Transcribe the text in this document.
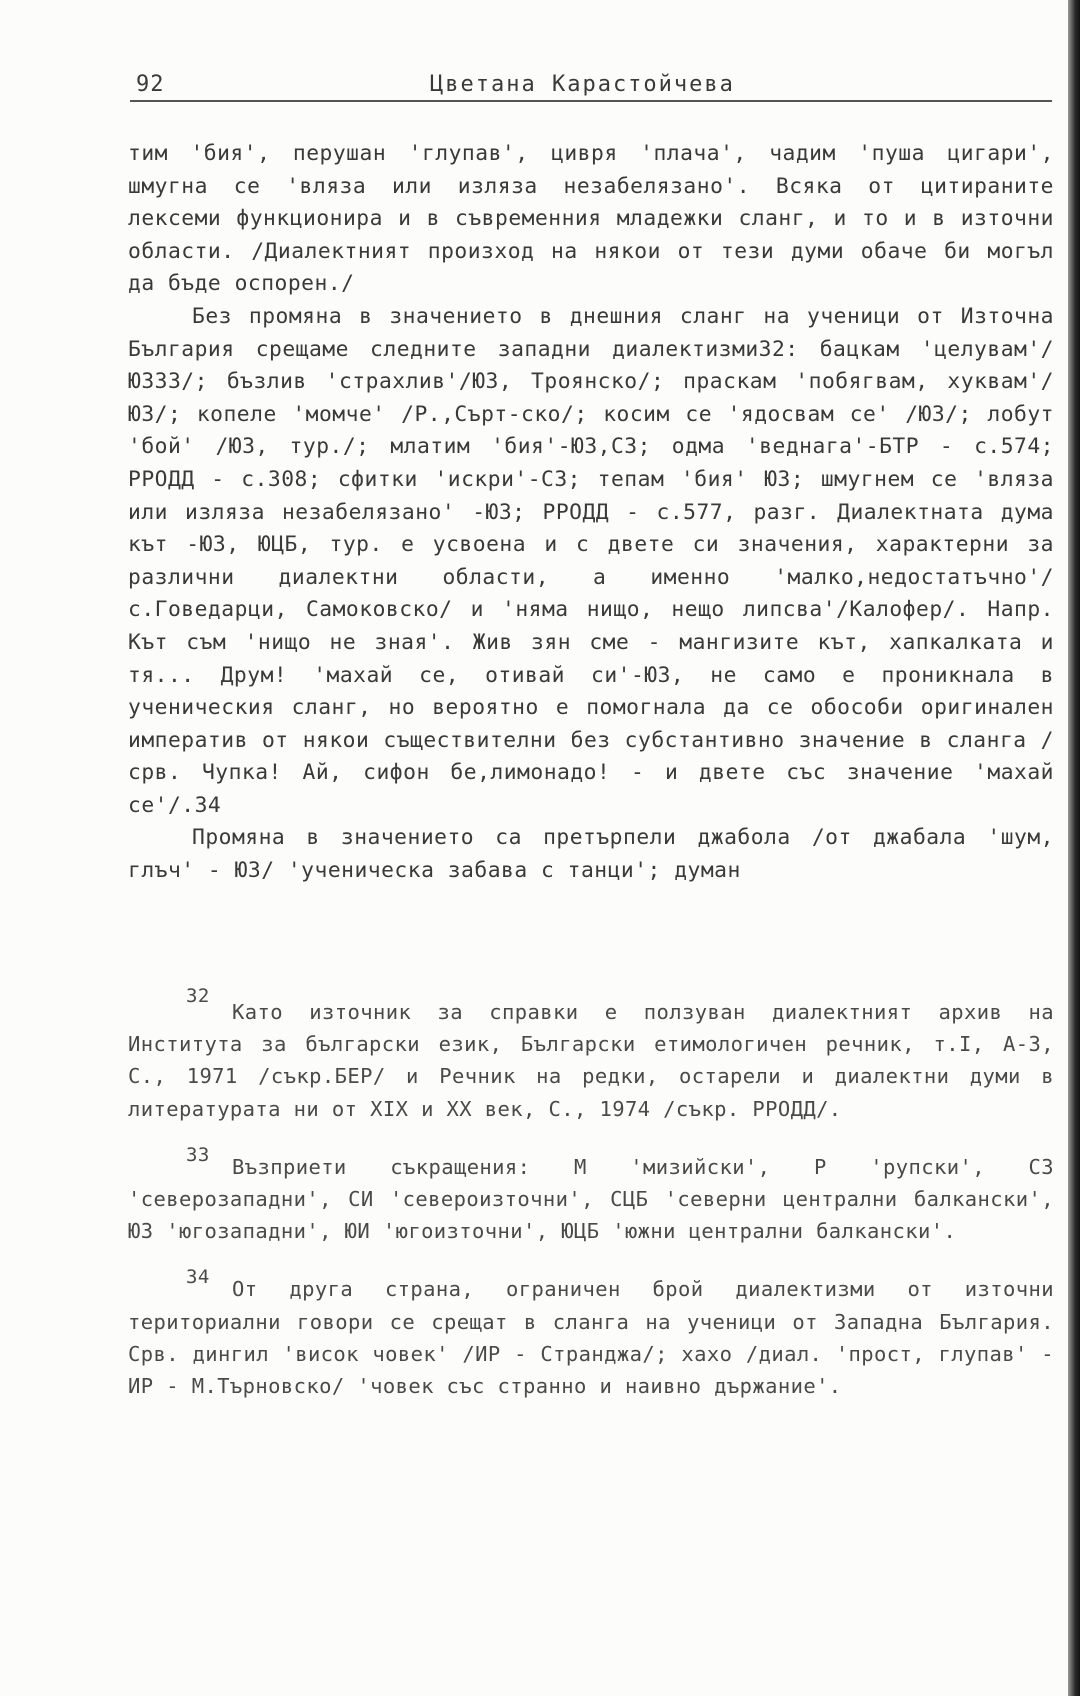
92	Цветана Карастойчева

тим 'бия', перушан 'глупав', цивря 'плача', чадим 'пуша цигари', шмугна се 'вляза или изляза незабелязано'. Всяка от цитираните лексеми функционира и в съвременния младежки сланг, и то и в източни области. /Диалектният произход на някои от тези думи обаче би могъл да бъде оспорен./

Без промяна в значението в днешния сланг на ученици от Източна България срещаме следните западни диалектизми32: бацкам 'целувам'/ЮЗ33/; бъзлив 'страхлив'/ЮЗ, Троянско/; праскам 'побягвам, хуквам'/ЮЗ/; копеле 'момче' /Р.,Сърт-ско/; косим се 'ядосвам се' /ЮЗ/; лобут 'бой' /ЮЗ, тур./; млатим 'бия'-ЮЗ,СЗ; одма 'веднага'-БТР - с.574; РРОДД - с.308; сфитки 'искри'-СЗ; тепам 'бия' ЮЗ; шмугнем се 'вляза или изляза незабелязано' -ЮЗ; РРОДД - с.577, разг. Диалектната дума кът -ЮЗ, ЮЦБ, тур. е усвоена и с двете си значения, характерни за различни диалектни области, а именно 'малко,недостатъчно'/с.Говедарци, Самоковско/ и 'няма нищо, нещо липсва'/Калофер/. Напр. Кът съм 'нищо не зная'. Жив зян сме - мангизите кът, хапкалката и тя... Друм! 'махай се, отивай си'-ЮЗ, не само е проникнала в ученическия сланг, но вероятно е помогнала да се обособи оригинален императив от някои съществителни без субстантивно значение в сланга /срв. Чупка! Ай, сифон бе,лимонадо! - и двете със значение 'махай се'/.34

Промяна в значението са претърпели джабола /от джабала 'шум, глъч' - ЮЗ/ 'ученическа забава с танци'; думан

32
Като източник за справки е ползуван диалектният архив на Института за български език, Български етимологичен речник, т.I, А-З, С., 1971 /съкр.БЕР/ и Речник на редки, остарели и диалектни думи в литературата ни от XIX и XX век, С., 1974 /съкр. РРОДД/.
33	Възприети съкращения: М 'мизийски', Р 'рупски', СЗ 'северозападни', СИ 'североизточни', СЦБ 'северни централни балкански', ЮЗ 'югозападни', ЮИ 'югоизточни', ЮЦБ 'южни централни балкански'.
34	От друга страна, ограничен брой диалектизми от източни териториални говори се срещат в сланга на ученици от Западна България. Срв. дингил 'висок човек' /ИР - Странджа/; хахо /диал. 'прост, глупав' - ИР - М.Търновско/ 'човек със странно и наивно държание'.
